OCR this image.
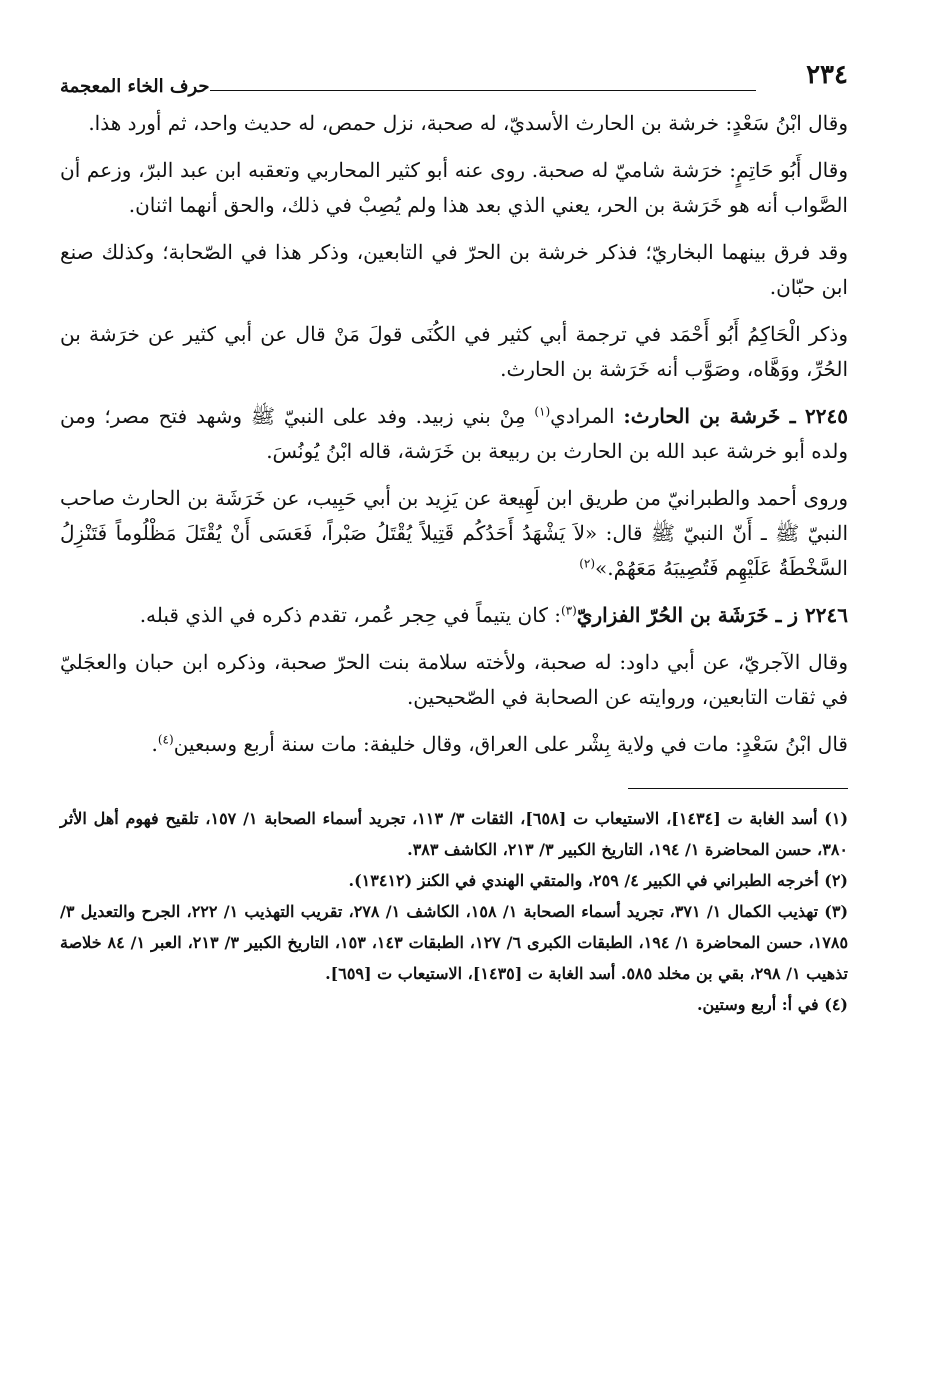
٢٣٤
حرف الخاء المعجمة

وقال ابْنُ سَعْدٍ: خرشة بن الحارث الأسديّ، له صحبة، نزل حمص، له حديث واحد، ثم أورد هذا.

وقال أَبُو حَاتِمٍ: خرَشة شاميّ له صحبة. روى عنه أبو كثير المحاربي وتعقبه ابن عبد البرّ، وزعم أن الصَّواب أنه هو خَرَشة بن الحر، يعني الذي بعد هذا ولم يُصِبْ في ذلك، والحق أنهما اثنان.

وقد فرق بينهما البخاريّ؛ فذكر خرشة بن الحرّ في التابعين، وذكر هذا في الصّحابة؛ وكذلك صنع ابن حبّان.

وذكر الْحَاكِمُ أَبُو أَحْمَد في ترجمة أبي كثير في الكُنَى قولَ مَنْ قال عن أبي كثير عن خرَشة بن الحُرِّ، ووَهَّاه، وصَوَّب أنه خَرَشة بن الحارث.

٢٢٤٥ ـ خَرشة بن الحارث: المرادي$^{(١)}$ مِنْ بني زبيد. وفد على النبيّ ﷺ وشهد فتح مصر؛ ومن ولده أبو خرشة عبد الله بن الحارث بن ربيعة بن خَرَشة، قاله ابْنُ يُونُسَ.

وروى أحمد والطبرانيّ من طريق ابن لَهِيعة عن يَزِيد بن أبي حَبِيب، عن خَرَشَة بن الحارث صاحب النبيّ ﷺ ـ أَنّ النبيّ ﷺ قال: «لاَ يَشْهَدُ أَحَدُكُم قَتِيلاً يُقْتَلُ صَبْراً، فَعَسَى أَنْ يُقْتَلَ مَظْلُوماً فَتَنْزِلُ السَّخْطَةُ عَلَيْهِم فَتُصِيبَهُ مَعَهُمْ.»$^{(٢)}$

٢٢٤٦ ز ـ خَرَشَة بن الحُرّ الفزاريّ$^{(٣)}$: كان يتيماً في حِجر عُمر، تقدم ذكره في الذي قبله.

وقال الآجريّ، عن أبي داود: له صحبة، ولأخته سلامة بنت الحرّ صحبة، وذكره ابن حبان والعجَليّ في ثقات التابعين، وروايته عن الصحابة في الصّحيحين.

قال ابْنُ سَعْدٍ: مات في ولاية بِشْر على العراق، وقال خليفة: مات سنة أربع وسبعين$^{(٤)}$.

(١) أسد الغابة ت [١٤٣٤]، الاستيعاب ت [٦٥٨]، الثقات ٣/ ١١٣، تجريد أسماء الصحابة ١/ ١٥٧، تلقيح فهوم أهل الأثر ٣٨٠، حسن المحاضرة ١/ ١٩٤، التاريخ الكبير ٣/ ٢١٣، الكاشف ٣٨٣.

(٢) أخرجه الطبراني في الكبير ٤/ ٢٥٩، والمتقي الهندي في الكنز (١٣٤١٢).

(٣) تهذيب الكمال ١/ ٣٧١، تجريد أسماء الصحابة ١/ ١٥٨، الكاشف ١/ ٢٧٨، تقريب التهذيب ١/ ٢٢٢، الجرح والتعديل ٣/ ١٧٨٥، حسن المحاضرة ١/ ١٩٤، الطبقات الكبرى ٦/ ١٢٧، الطبقات ١٤٣، ١٥٣، التاريخ الكبير ٣/ ٢١٣، العبر ١/ ٨٤ خلاصة تذهيب ١/ ٢٩٨، بقي بن مخلد ٥٨٥. أسد الغابة ت [١٤٣٥]، الاستيعاب ت [٦٥٩].

(٤) في أ: أربع وستين.
